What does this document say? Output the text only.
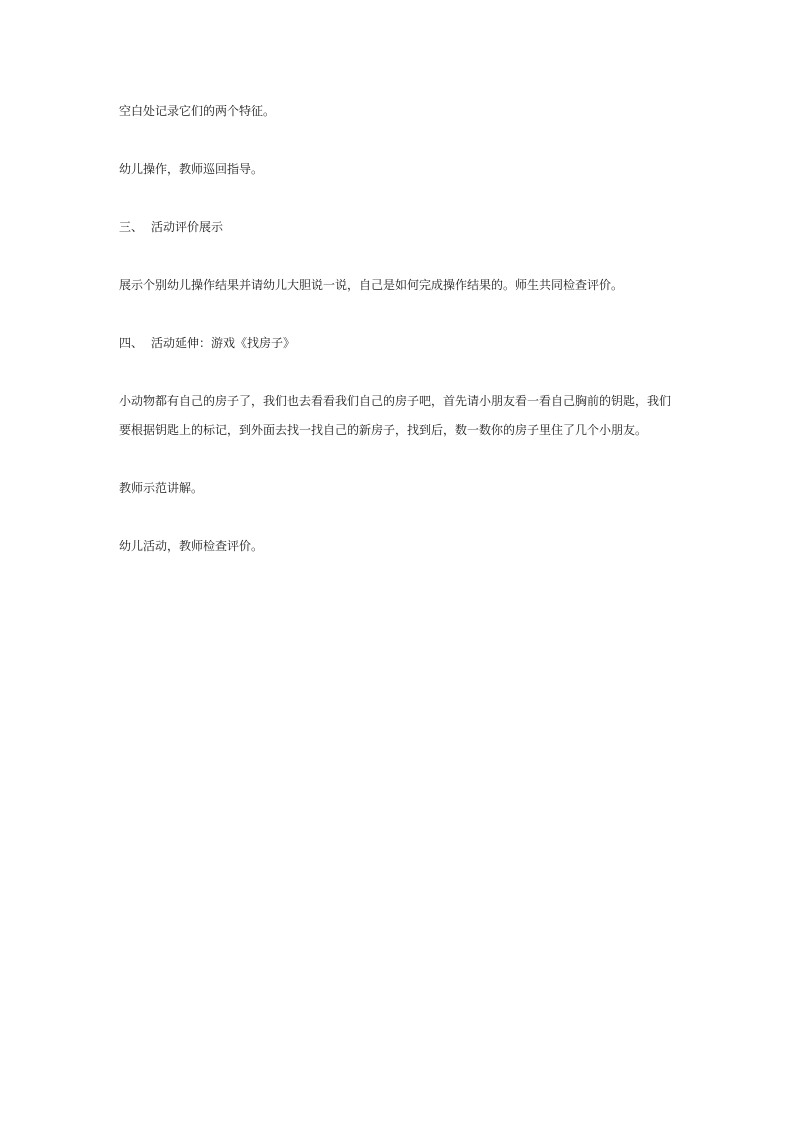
空白处记录它们的两个特征。

幼儿操作，教师巡回指导。

三、 活动评价展示

展示个别幼儿操作结果并请幼儿大胆说一说，自己是如何完成操作结果的。师生共同检查评价。

四、 活动延伸：游戏《找房子》

小动物都有自己的房子了，我们也去看看我们自己的房子吧，首先请小朋友看一看自己胸前的钥匙，我们
要根据钥匙上的标记，到外面去找一找自己的新房子，找到后，数一数你的房子里住了几个小朋友。

教师示范讲解。

幼儿活动，教师检查评价。
